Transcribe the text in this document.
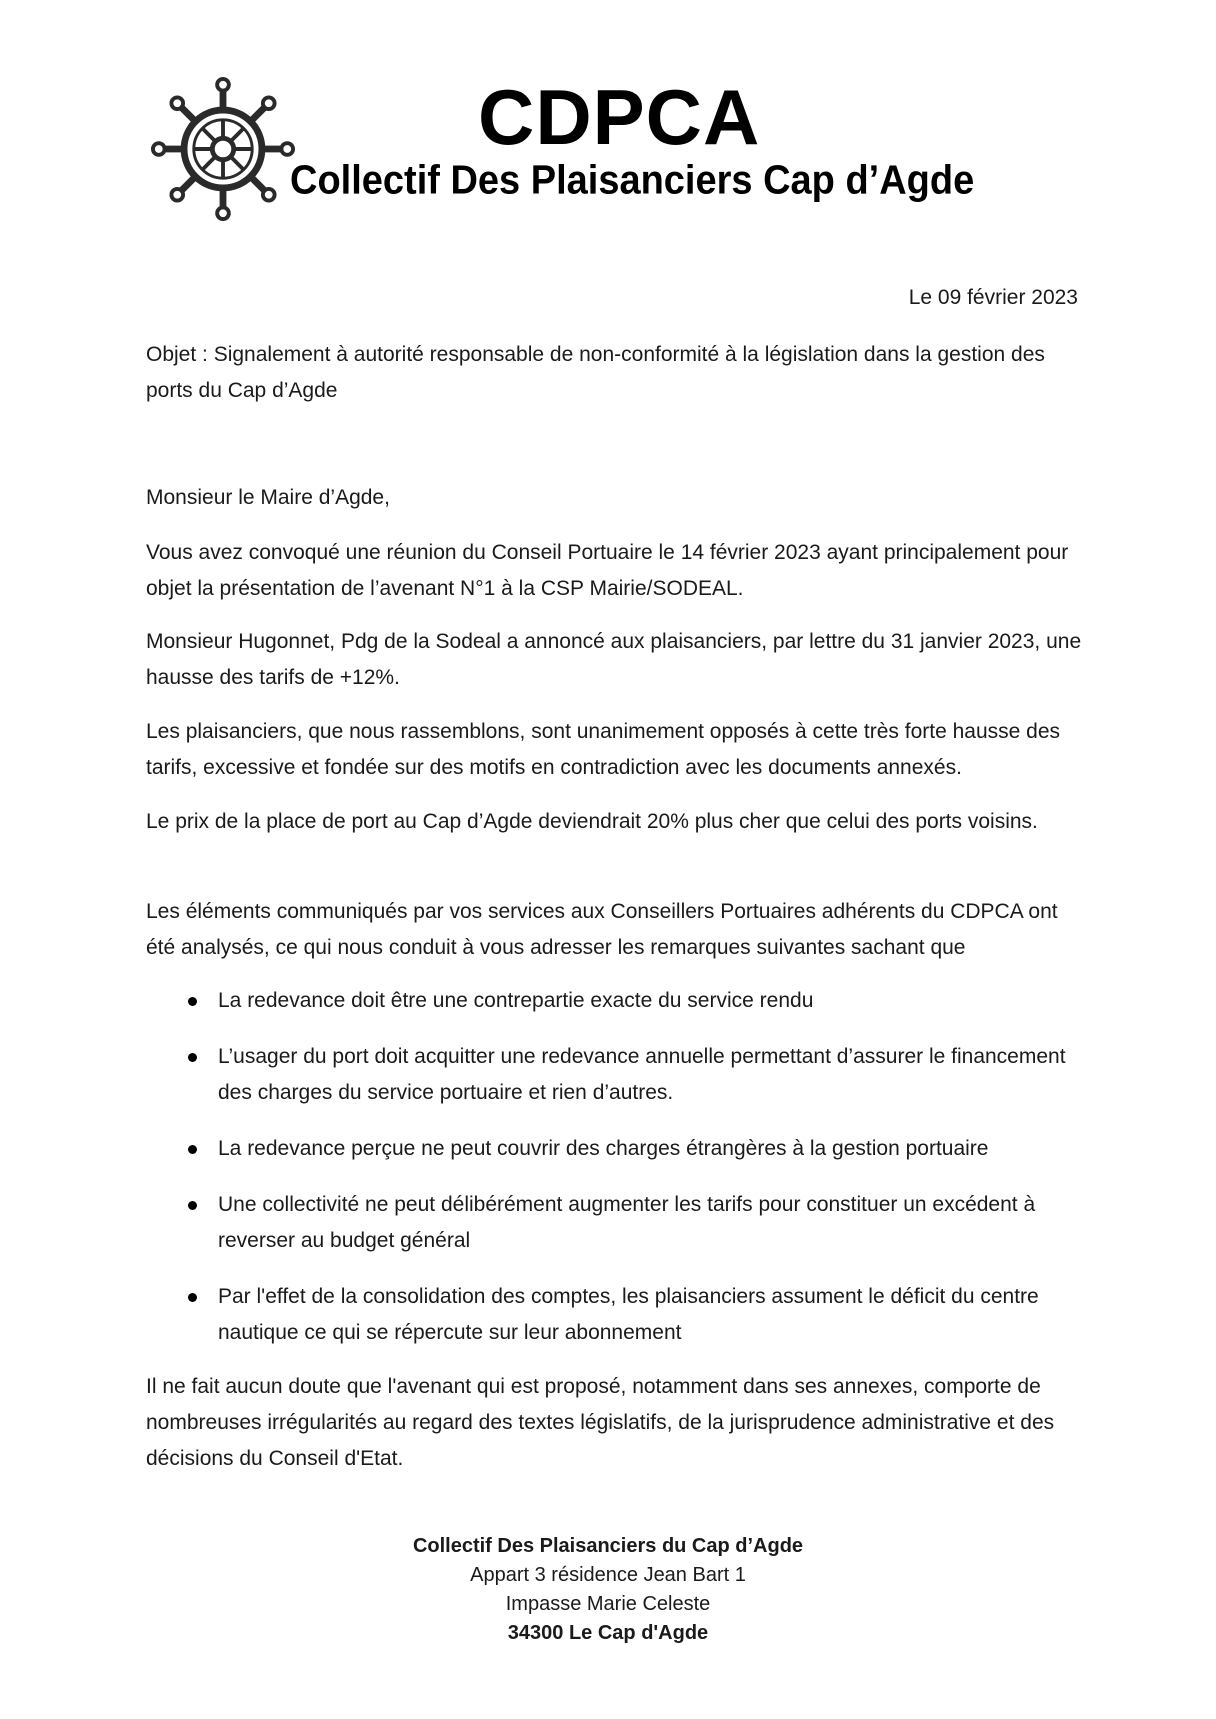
CDPCA
Collectif Des Plaisanciers Cap d’Agde
Le 09 février 2023

Objet : Signalement à autorité responsable de non-conformité à la législation dans la gestion des ports du Cap d’Agde

Monsieur le Maire d’Agde,

Vous avez convoqué une réunion du Conseil Portuaire le 14 février 2023 ayant principalement pour objet la présentation de l’avenant N°1 à la CSP Mairie/SODEAL.

Monsieur Hugonnet, Pdg de la Sodeal a annoncé aux plaisanciers, par lettre du 31 janvier 2023, une hausse des tarifs de +12%.

Les plaisanciers, que nous rassemblons, sont unanimement opposés à cette très forte hausse des tarifs, excessive et fondée sur des motifs en contradiction avec les documents annexés.

Le prix de la place de port au Cap d’Agde deviendrait 20% plus cher que celui des ports voisins.

Les éléments communiqués par vos services aux Conseillers Portuaires adhérents du CDPCA ont été analysés, ce qui nous conduit à vous adresser les remarques suivantes sachant que

La redevance doit être une contrepartie exacte du service rendu
L’usager du port doit acquitter une redevance annuelle permettant d’assurer le financement des charges du service portuaire et rien d’autres.
La redevance perçue ne peut couvrir des charges étrangères à la gestion portuaire
Une collectivité ne peut délibérément augmenter les tarifs pour constituer un excédent à reverser au budget général
Par l'effet de la consolidation des comptes, les plaisanciers assument le déficit du centre nautique ce qui se répercute sur leur abonnement

Il ne fait aucun doute que l'avenant qui est proposé, notamment dans ses annexes, comporte de nombreuses irrégularités au regard des textes législatifs, de la jurisprudence administrative et des décisions du Conseil d'Etat.

Collectif Des Plaisanciers du Cap d’Agde
Appart 3 résidence Jean Bart 1
Impasse Marie Celeste
34300 Le Cap d'Agde
